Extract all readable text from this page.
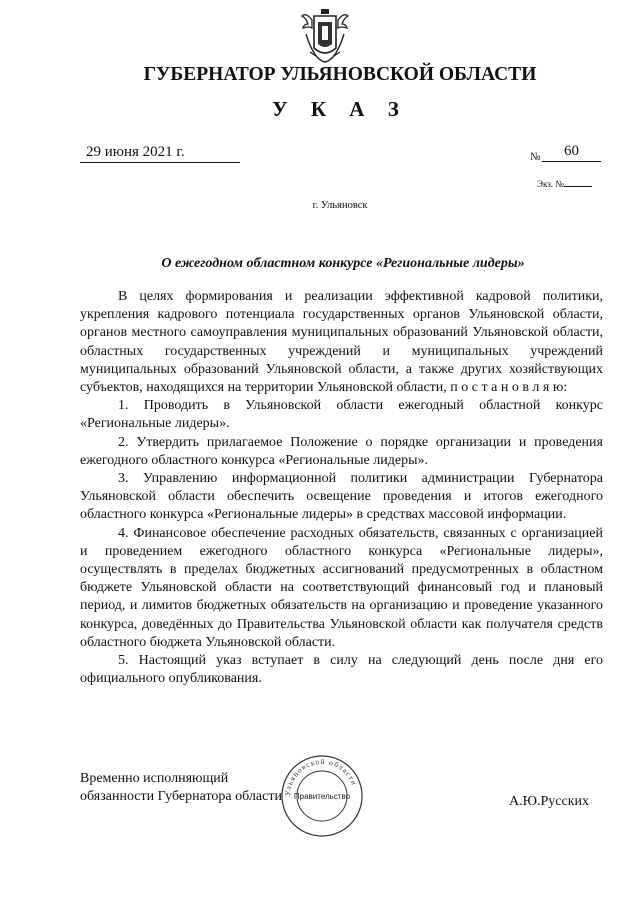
ГУБЕРНАТОР УЛЬЯНОВСКОЙ ОБЛАСТИ
У К А З
29 июня 2021 г.	№	60
Экз. №
г. Ульяновск
О ежегодном областном конкурсе «Региональные лидеры»

В целях формирования и реализации эффективной кадровой политики, укрепления кадрового потенциала государственных органов Ульяновской области, органов местного самоуправления муниципальных образований Ульяновской области, областных государственных учреждений и муниципальных учреждений муниципальных образований Ульяновской области, а также других хозяйствующих субъектов, находящихся на территории Ульяновской области, п о с т а н о в л я ю:

1. Проводить в Ульяновской области ежегодный областной конкурс «Региональные лидеры».

2. Утвердить прилагаемое Положение о порядке организации и проведения ежегодного областного конкурса «Региональные лидеры».

3. Управлению информационной политики администрации Губернатора Ульяновской области обеспечить освещение проведения и итогов ежегодного областного конкурса «Региональные лидеры» в средствах массовой информации.

4. Финансовое обеспечение расходных обязательств, связанных с организацией и проведением ежегодного областного конкурса «Региональные лидеры», осуществлять в пределах бюджетных ассигнований предусмотренных в областном бюджете Ульяновской области на соответствующий финансовый год и плановый период, и лимитов бюджетных обязательств на организацию и проведение указанного конкурса, доведённых до Правительства Ульяновской области как получателя средств областного бюджета Ульяновской области.

5. Настоящий указ вступает в силу на следующий день после дня его официального опубликования.

Временно исполняющий
обязанности Губернатора области Ульяновской области
Правительство	А.Ю.Русских
